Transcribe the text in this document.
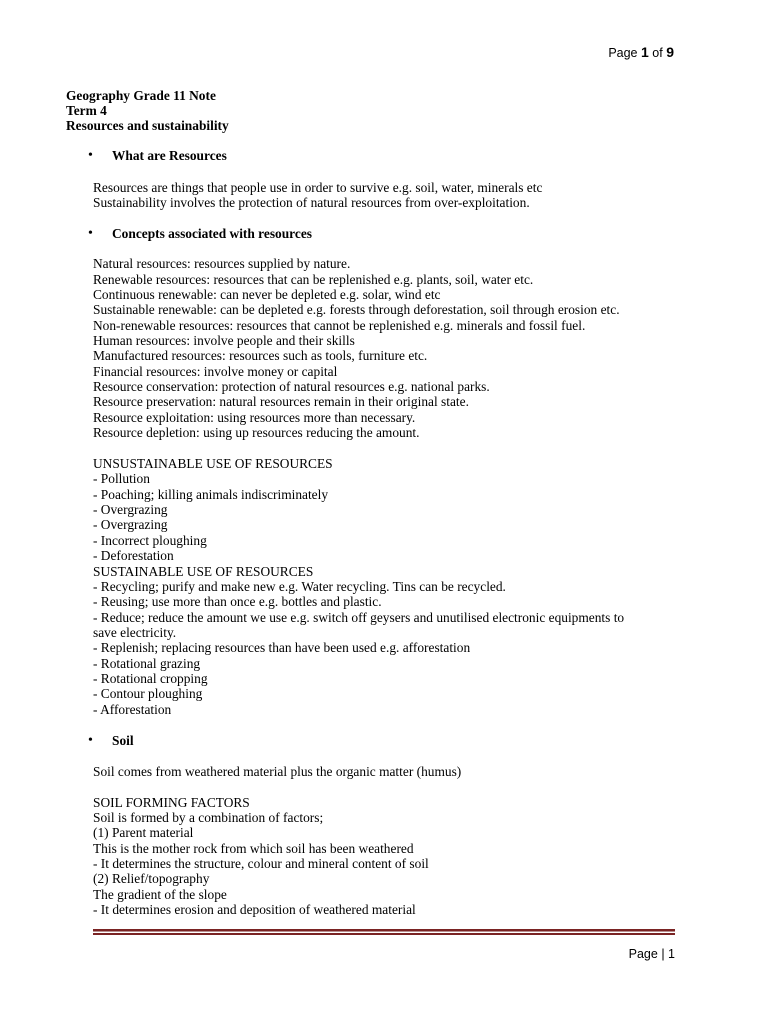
Page 1 of 9
Geography Grade 11 Note
Term 4
Resources and sustainability
• What are Resources
Resources are things that people use in order to survive e.g. soil, water, minerals etc
Sustainability involves the protection of natural resources from over-exploitation.
• Concepts associated with resources
Natural resources: resources supplied by nature.
Renewable resources: resources that can be replenished e.g. plants, soil, water etc.
Continuous renewable: can never be depleted e.g. solar, wind etc
Sustainable renewable: can be depleted e.g. forests through deforestation, soil through erosion etc.
Non-renewable resources: resources that cannot be replenished e.g. minerals and fossil fuel.
Human resources: involve people and their skills
Manufactured resources: resources such as tools, furniture etc.
Financial resources: involve money or capital
Resource conservation: protection of natural resources e.g. national parks.
Resource preservation: natural resources remain in their original state.
Resource exploitation: using resources more than necessary.
Resource depletion: using up resources reducing the amount.
UNSUSTAINABLE USE OF RESOURCES
- Pollution
- Poaching; killing animals indiscriminately
- Overgrazing
- Overgrazing
- Incorrect ploughing
- Deforestation
SUSTAINABLE USE OF RESOURCES
- Recycling; purify and make new e.g. Water recycling. Tins can be recycled.
- Reusing; use more than once e.g. bottles and plastic.
- Reduce; reduce the amount we use e.g. switch off geysers and unutilised electronic equipments to
save electricity.
- Replenish; replacing resources than have been used e.g. afforestation
- Rotational grazing
- Rotational cropping
- Contour ploughing
- Afforestation
• Soil
Soil comes from weathered material plus the organic matter (humus)
SOIL FORMING FACTORS
Soil is formed by a combination of factors;
(1) Parent material
This is the mother rock from which soil has been weathered
- It determines the structure, colour and mineral content of soil
(2) Relief/topography
The gradient of the slope
- It determines erosion and deposition of weathered material
Page | 1
